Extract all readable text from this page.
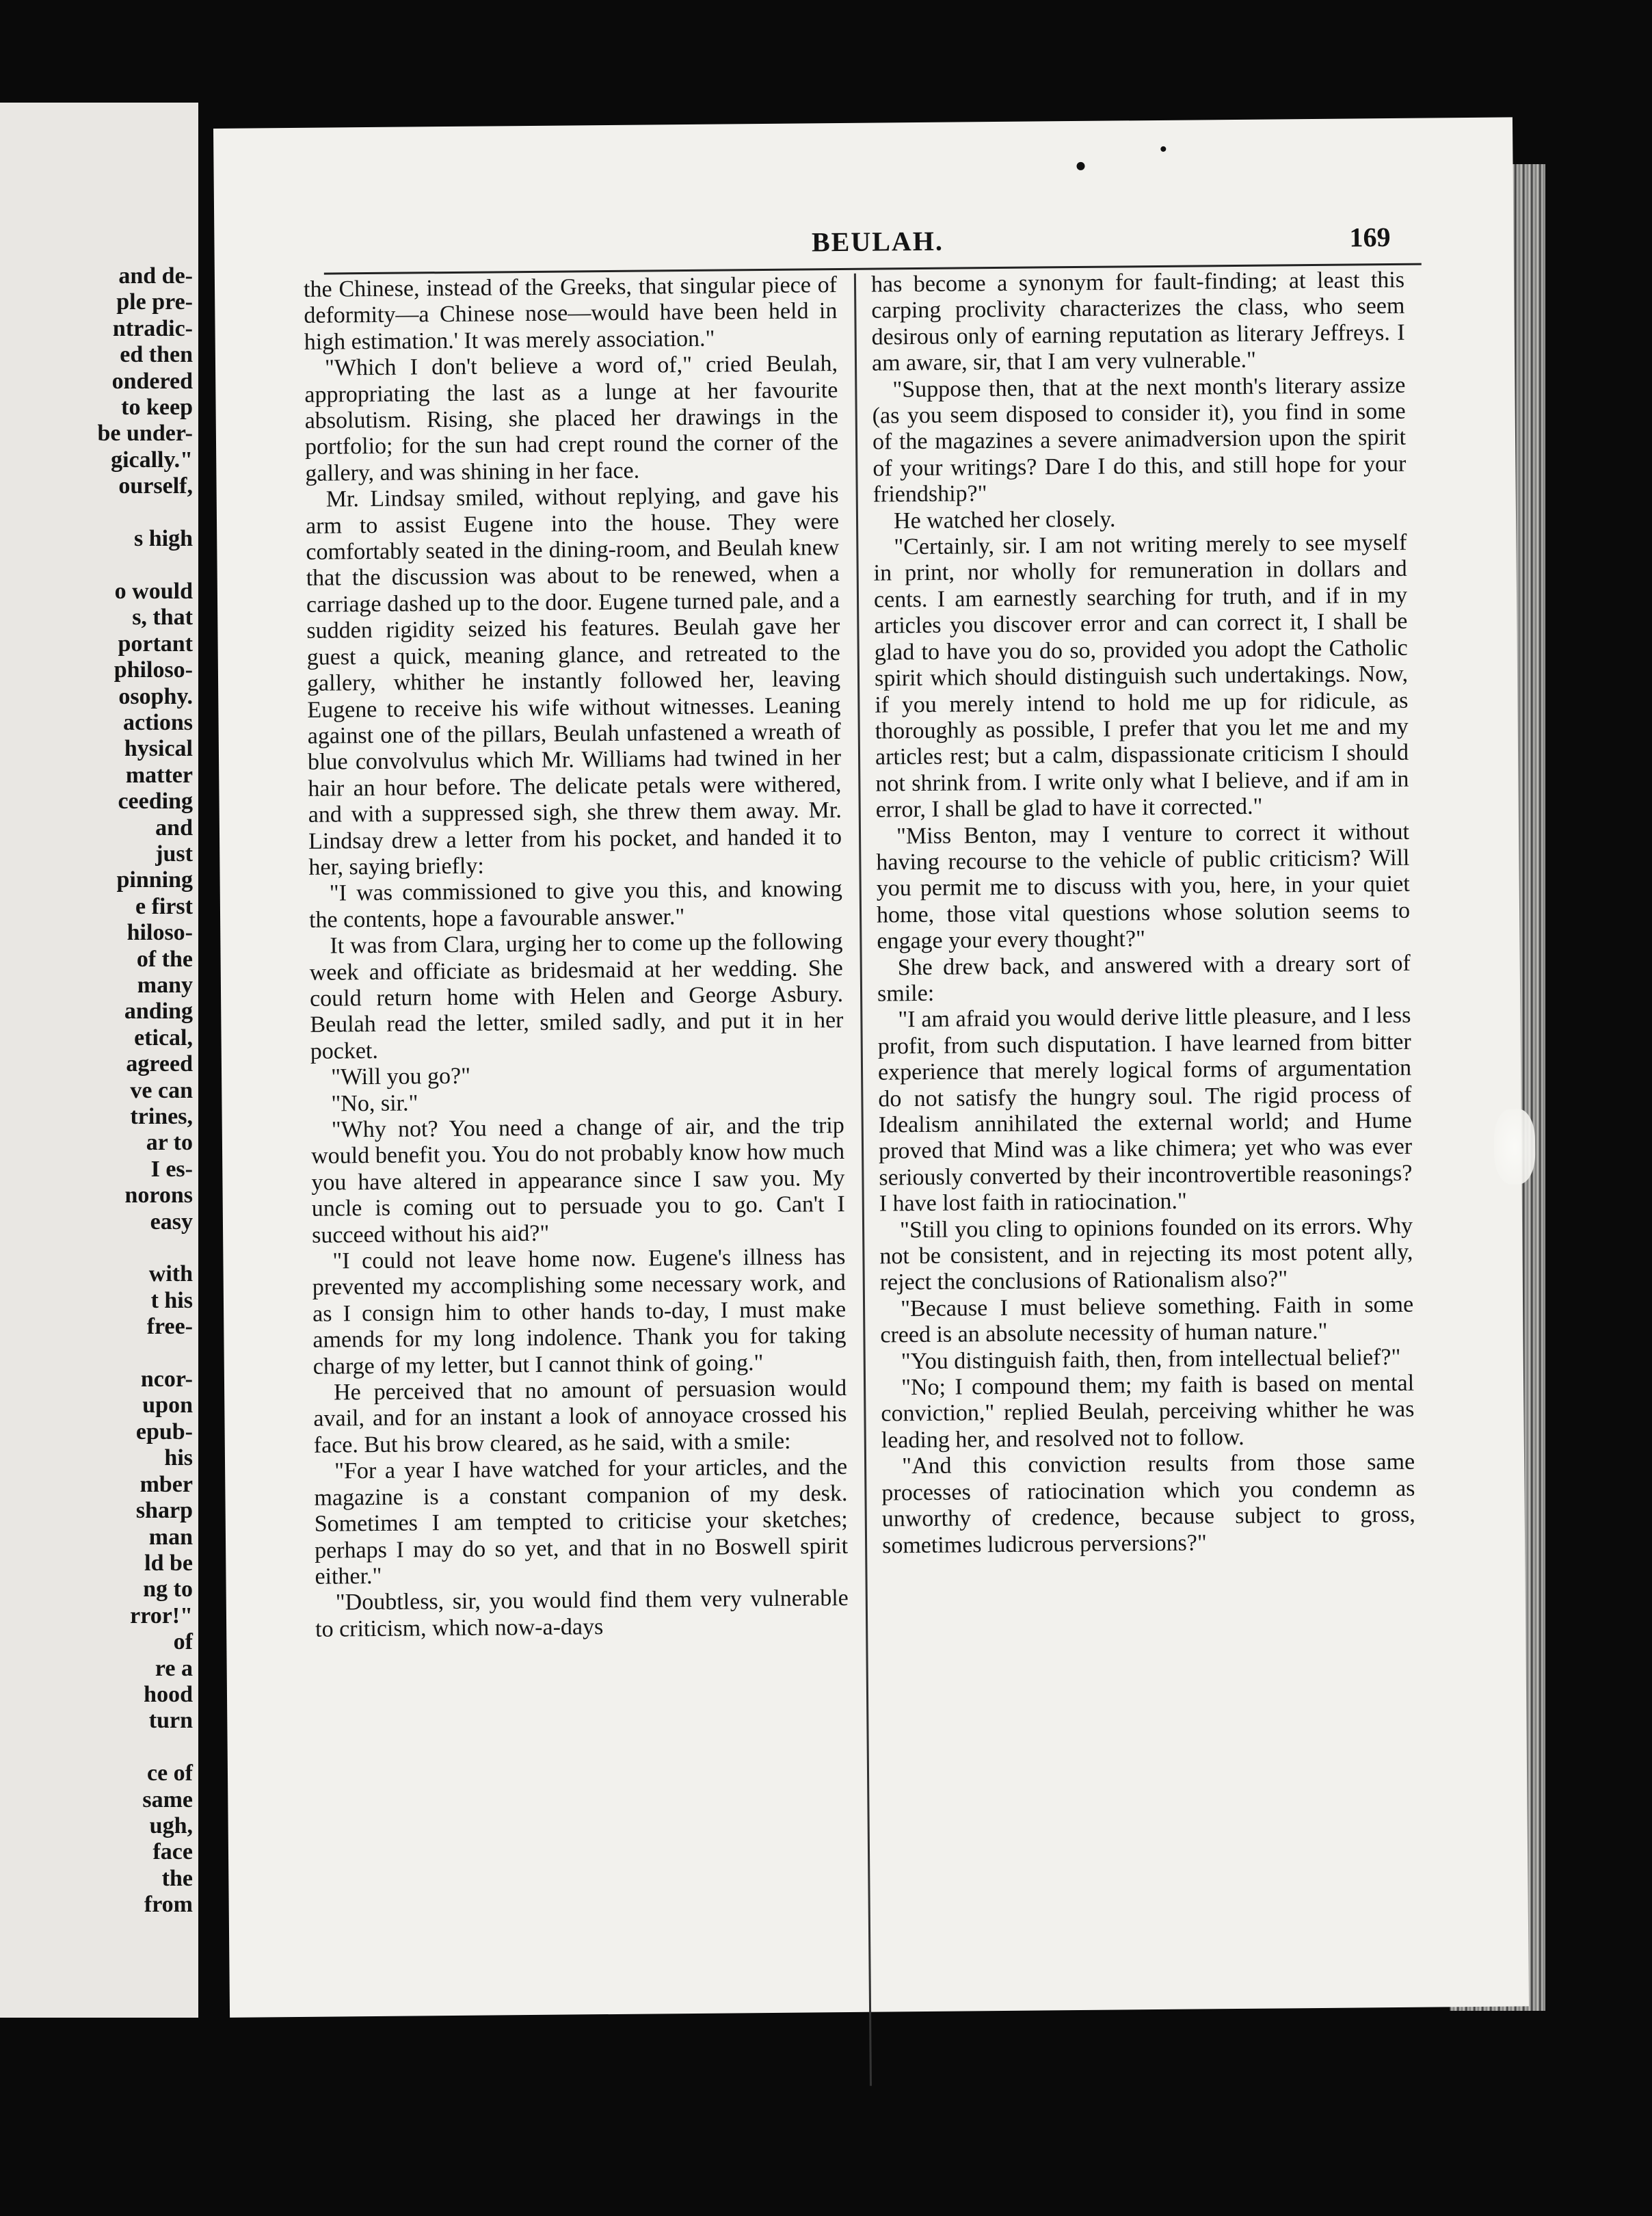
and de-
ple pre-
ntradic-
ed then
ondered
to keep
be under-
gically."
ourself,

s high

o would
s, that
portant
philoso-
osophy.
actions
hysical
matter
ceeding
and
just
pinning
e first
hiloso-
of the
many
anding
etical,
agreed
ve can
trines,
ar to
I es-
norons
easy

with
t his
free-

ncor-
upon
epub-
his
mber
sharp
man
ld be
ng to
rror!"
of
re a
hood
turn

ce of
same
ugh,
face
the
from
BEULAH.	169

the Chinese, instead of the Greeks, that singular piece of deformity—a Chinese nose—would have been held in high estimation.' It was merely association."

"Which I don't believe a word of," cried Beulah, appropriating the last as a lunge at her favourite absolutism. Rising, she placed her drawings in the portfolio; for the sun had crept round the corner of the gallery, and was shining in her face.

Mr. Lindsay smiled, without replying, and gave his arm to assist Eugene into the house. They were comfortably seated in the dining-room, and Beulah knew that the discussion was about to be renewed, when a carriage dashed up to the door. Eugene turned pale, and a sudden rigidity seized his features. Beulah gave her guest a quick, meaning glance, and retreated to the gallery, whither he instantly followed her, leaving Eugene to receive his wife without witnesses. Leaning against one of the pillars, Beulah unfastened a wreath of blue convolvulus which Mr. Williams had twined in her hair an hour before. The delicate petals were withered, and with a suppressed sigh, she threw them away. Mr. Lindsay drew a letter from his pocket, and handed it to her, saying briefly:

"I was commissioned to give you this, and knowing the contents, hope a favourable answer."

It was from Clara, urging her to come up the following week and officiate as bridesmaid at her wedding. She could return home with Helen and George Asbury. Beulah read the letter, smiled sadly, and put it in her pocket.

"Will you go?"

"No, sir."

"Why not? You need a change of air, and the trip would benefit you. You do not probably know how much you have altered in appearance since I saw you. My uncle is coming out to persuade you to go. Can't I succeed without his aid?"

"I could not leave home now. Eugene's illness has prevented my accomplishing some necessary work, and as I consign him to other hands to-day, I must make amends for my long indolence. Thank you for taking charge of my letter, but I cannot think of going."

He perceived that no amount of persuasion would avail, and for an instant a look of annoyace crossed his face. But his brow cleared, as he said, with a smile:

"For a year I have watched for your articles, and the magazine is a constant companion of my desk. Sometimes I am tempted to criticise your sketches; perhaps I may do so yet, and that in no Boswell spirit either."

"Doubtless, sir, you would find them very vulnerable to criticism, which now-a-days

has become a synonym for fault-finding; at least this carping proclivity characterizes the class, who seem desirous only of earning reputation as literary Jeffreys. I am aware, sir, that I am very vulnerable."

"Suppose then, that at the next month's literary assize (as you seem disposed to consider it), you find in some of the magazines a severe animadversion upon the spirit of your writings? Dare I do this, and still hope for your friendship?"

He watched her closely.

"Certainly, sir. I am not writing merely to see myself in print, nor wholly for remuneration in dollars and cents. I am earnestly searching for truth, and if in my articles you discover error and can correct it, I shall be glad to have you do so, provided you adopt the Catholic spirit which should distinguish such undertakings. Now, if you merely intend to hold me up for ridicule, as thoroughly as possible, I prefer that you let me and my articles rest; but a calm, dispassionate criticism I should not shrink from. I write only what I believe, and if am in error, I shall be glad to have it corrected."

"Miss Benton, may I venture to correct it without having recourse to the vehicle of public criticism? Will you permit me to discuss with you, here, in your quiet home, those vital questions whose solution seems to engage your every thought?"

She drew back, and answered with a dreary sort of smile:

"I am afraid you would derive little pleasure, and I less profit, from such disputation. I have learned from bitter experience that merely logical forms of argumentation do not satisfy the hungry soul. The rigid process of Idealism annihilated the external world; and Hume proved that Mind was a like chimera; yet who was ever seriously converted by their incontrovertible reasonings? I have lost faith in ratiocination."

"Still you cling to opinions founded on its errors. Why not be consistent, and in rejecting its most potent ally, reject the conclusions of Rationalism also?"

"Because I must believe something. Faith in some creed is an absolute necessity of human nature."

"You distinguish faith, then, from intellectual belief?"

"No; I compound them; my faith is based on mental conviction," replied Beulah, perceiving whither he was leading her, and resolved not to follow.

"And this conviction results from those same processes of ratiocination which you condemn as unworthy of credence, because subject to gross, sometimes ludicrous perversions?"
